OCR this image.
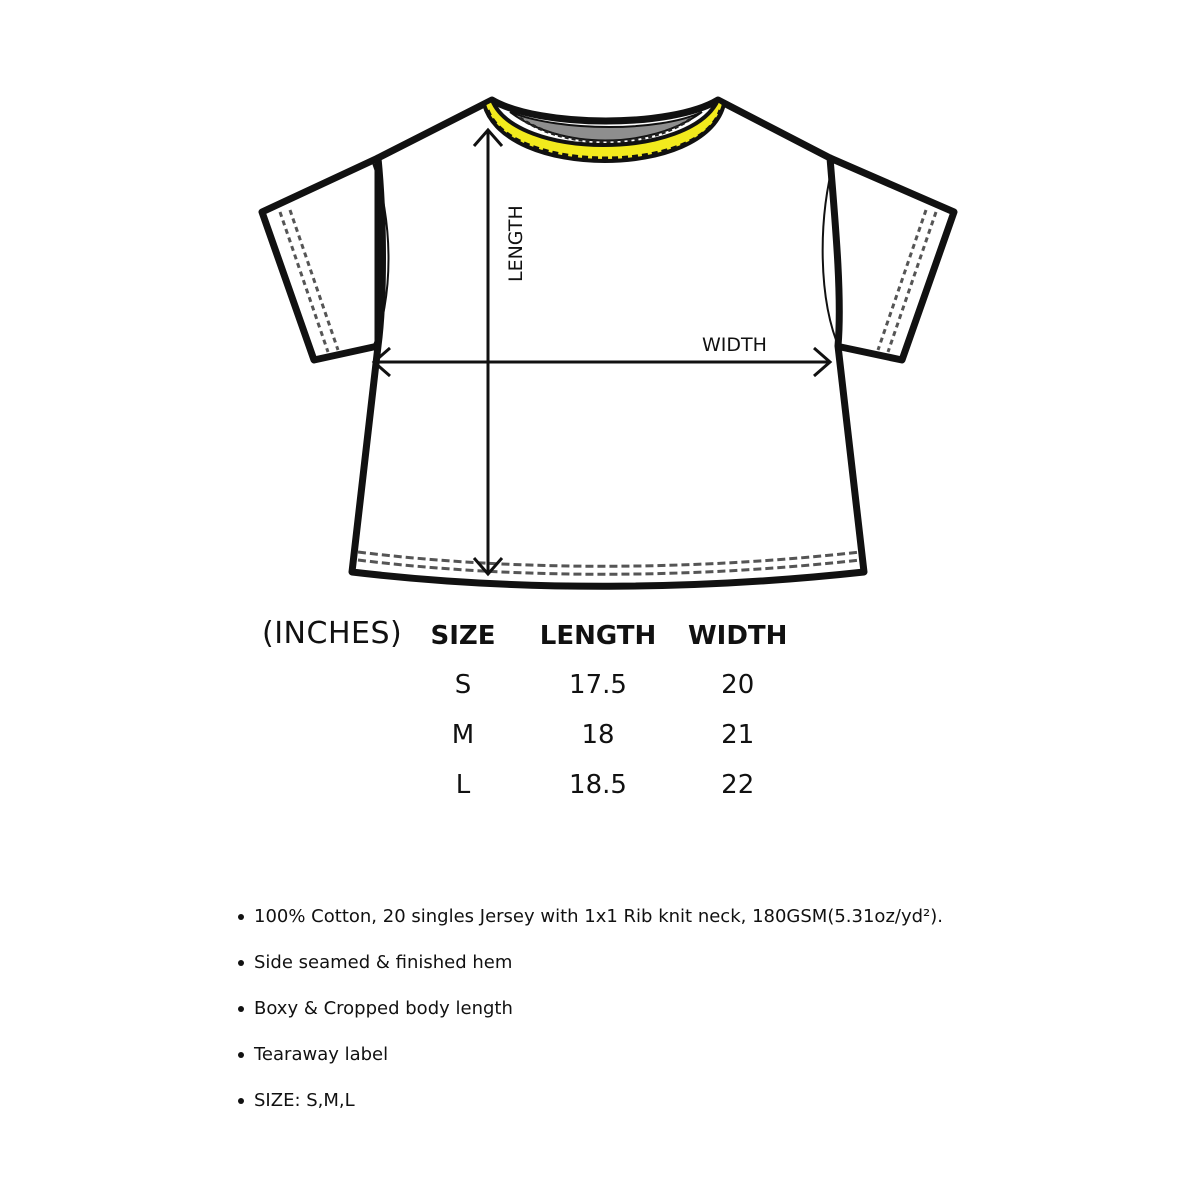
LENGTH
WIDTH
(INCHES) SIZE	LENGTH	WIDTH
S	17.5	20
M	18	21
L	18.5	22
100% Cotton, 20 singles Jersey with 1x1 Rib knit neck, 180GSM(5.31oz/yd²).
Side seamed & finished hem
Boxy & Cropped body length
Tearaway label
SIZE: S,M,L
